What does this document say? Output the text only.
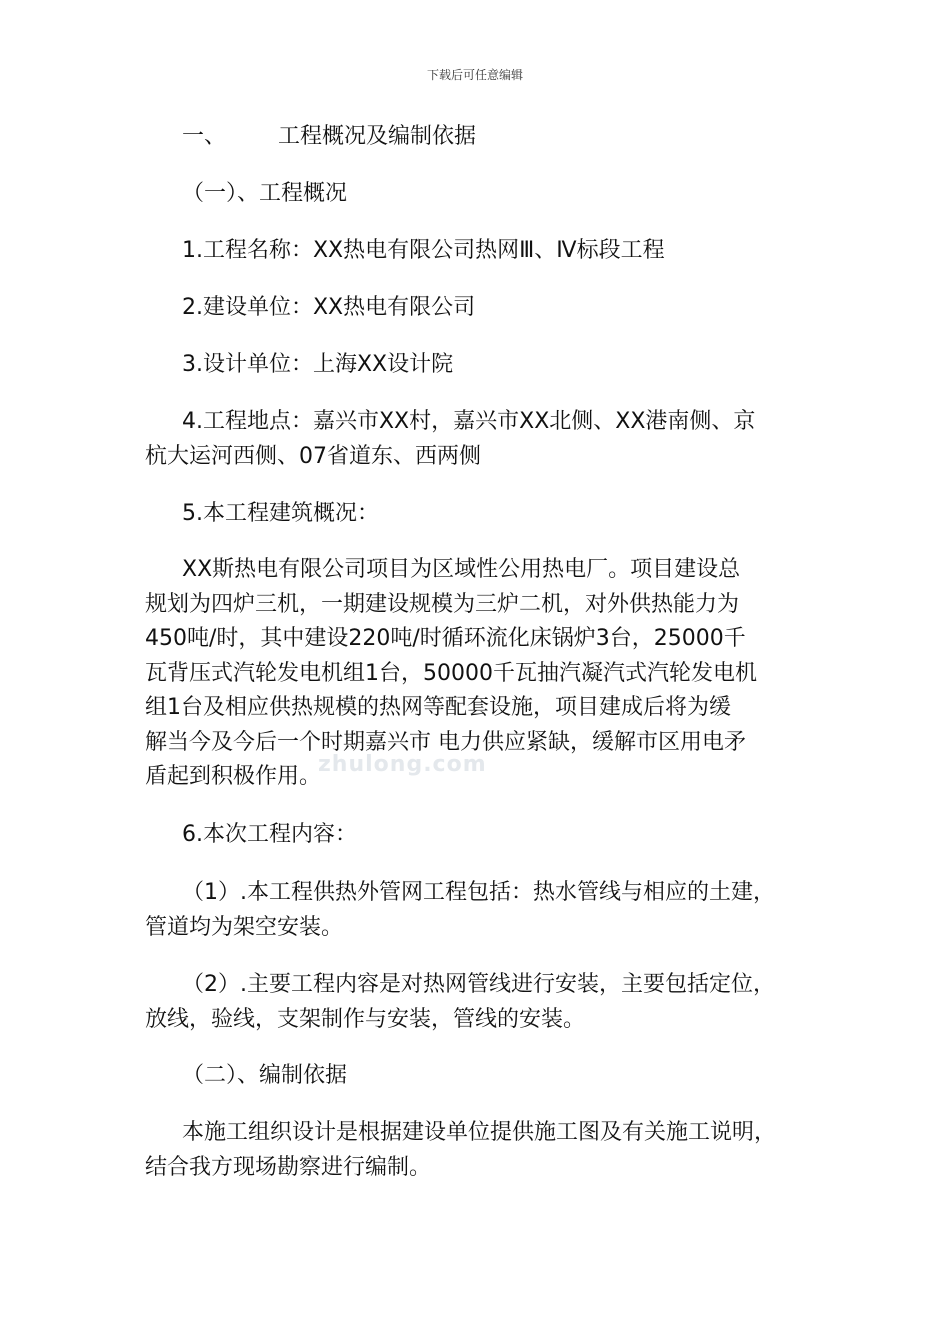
下载后可任意编辑
一、 工程概况及编制依据
（一）、工程概况
1.工程名称：XX热电有限公司热网Ⅲ、Ⅳ标段工程
2.建设单位：XX热电有限公司
3.设计单位：上海XX设计院
4.工程地点：嘉兴市XX村，嘉兴市XX北侧、XX港南侧、京
杭大运河西侧、07省道东、西两侧
5.本工程建筑概况：
XX斯热电有限公司项目为区域性公用热电厂。项目建设总
规划为四炉三机，一期建设规模为三炉二机，对外供热能力为
450吨/时，其中建设220吨/时循环流化床锅炉3台，25000千
瓦背压式汽轮发电机组1台，50000千瓦抽汽凝汽式汽轮发电机
组1台及相应供热规模的热网等配套设施，项目建成后将为缓
解当今及今后一个时期嘉兴市 电力供应紧缺，缓解市区用电矛
盾起到积极作用。
zhulong.com
6.本次工程内容：
（1）.本工程供热外管网工程包括：热水管线与相应的土建，
管道均为架空安装。
（2）.主要工程内容是对热网管线进行安装，主要包括定位，
放线，验线，支架制作与安装，管线的安装。
（二）、编制依据
本施工组织设计是根据建设单位提供施工图及有关施工说明，
结合我方现场勘察进行编制。
